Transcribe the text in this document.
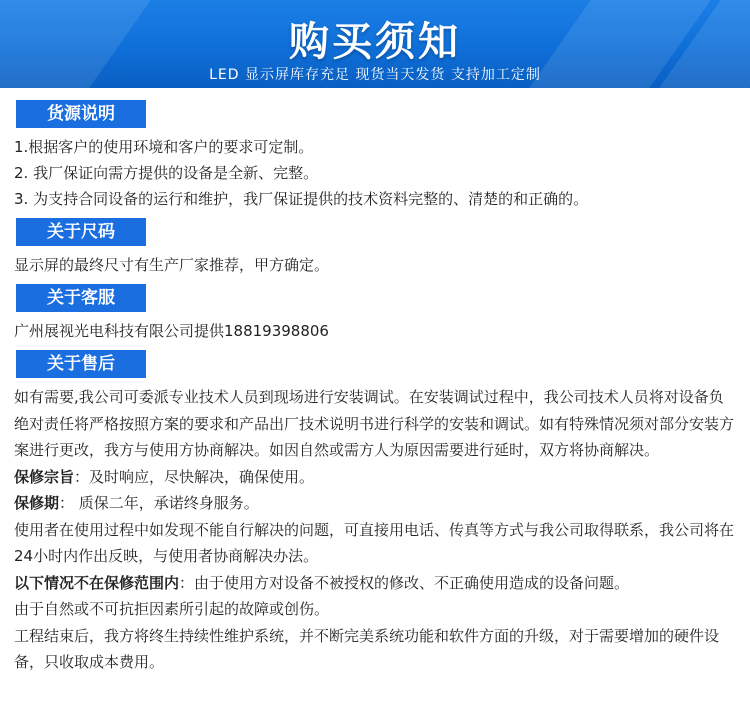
购买须知
LED 显示屏库存充足 现货当天发货 支持加工定制
货源说明

1.根据客户的使用环境和客户的要求可定制。

2. 我厂保证向需方提供的设备是全新、完整。

3. 为支持合同设备的运行和维护，我厂保证提供的技术资料完整的、清楚的和正确的。

关于尺码

显示屏的最终尺寸有生产厂家推荐，甲方确定。

关于客服

广州展视光电科技有限公司提供18819398806

关于售后

如有需要,我公司可委派专业技术人员到现场进行安装调试。在安装调试过程中，我公司技术人员将对设备负绝对责任将严格按照方案的要求和产品出厂技术说明书进行科学的安装和调试。如有特殊情况须对部分安装方案进行更改，我方与使用方协商解决。如因自然或需方人为原因需要进行延时，双方将协商解决。

保修宗旨：及时响应，尽快解决，确保使用。

保修期： 质保二年，承诺终身服务。

使用者在使用过程中如发现不能自行解决的问题，可直接用电话、传真等方式与我公司取得联系，我公司将在24小时内作出反映，与使用者协商解决办法。

以下情况不在保修范围内：由于使用方对设备不被授权的修改、不正确使用造成的设备问题。

由于自然或不可抗拒因素所引起的故障或创伤。

工程结束后，我方将终生持续性维护系统，并不断完美系统功能和软件方面的升级，对于需要增加的硬件设备，只收取成本费用。
